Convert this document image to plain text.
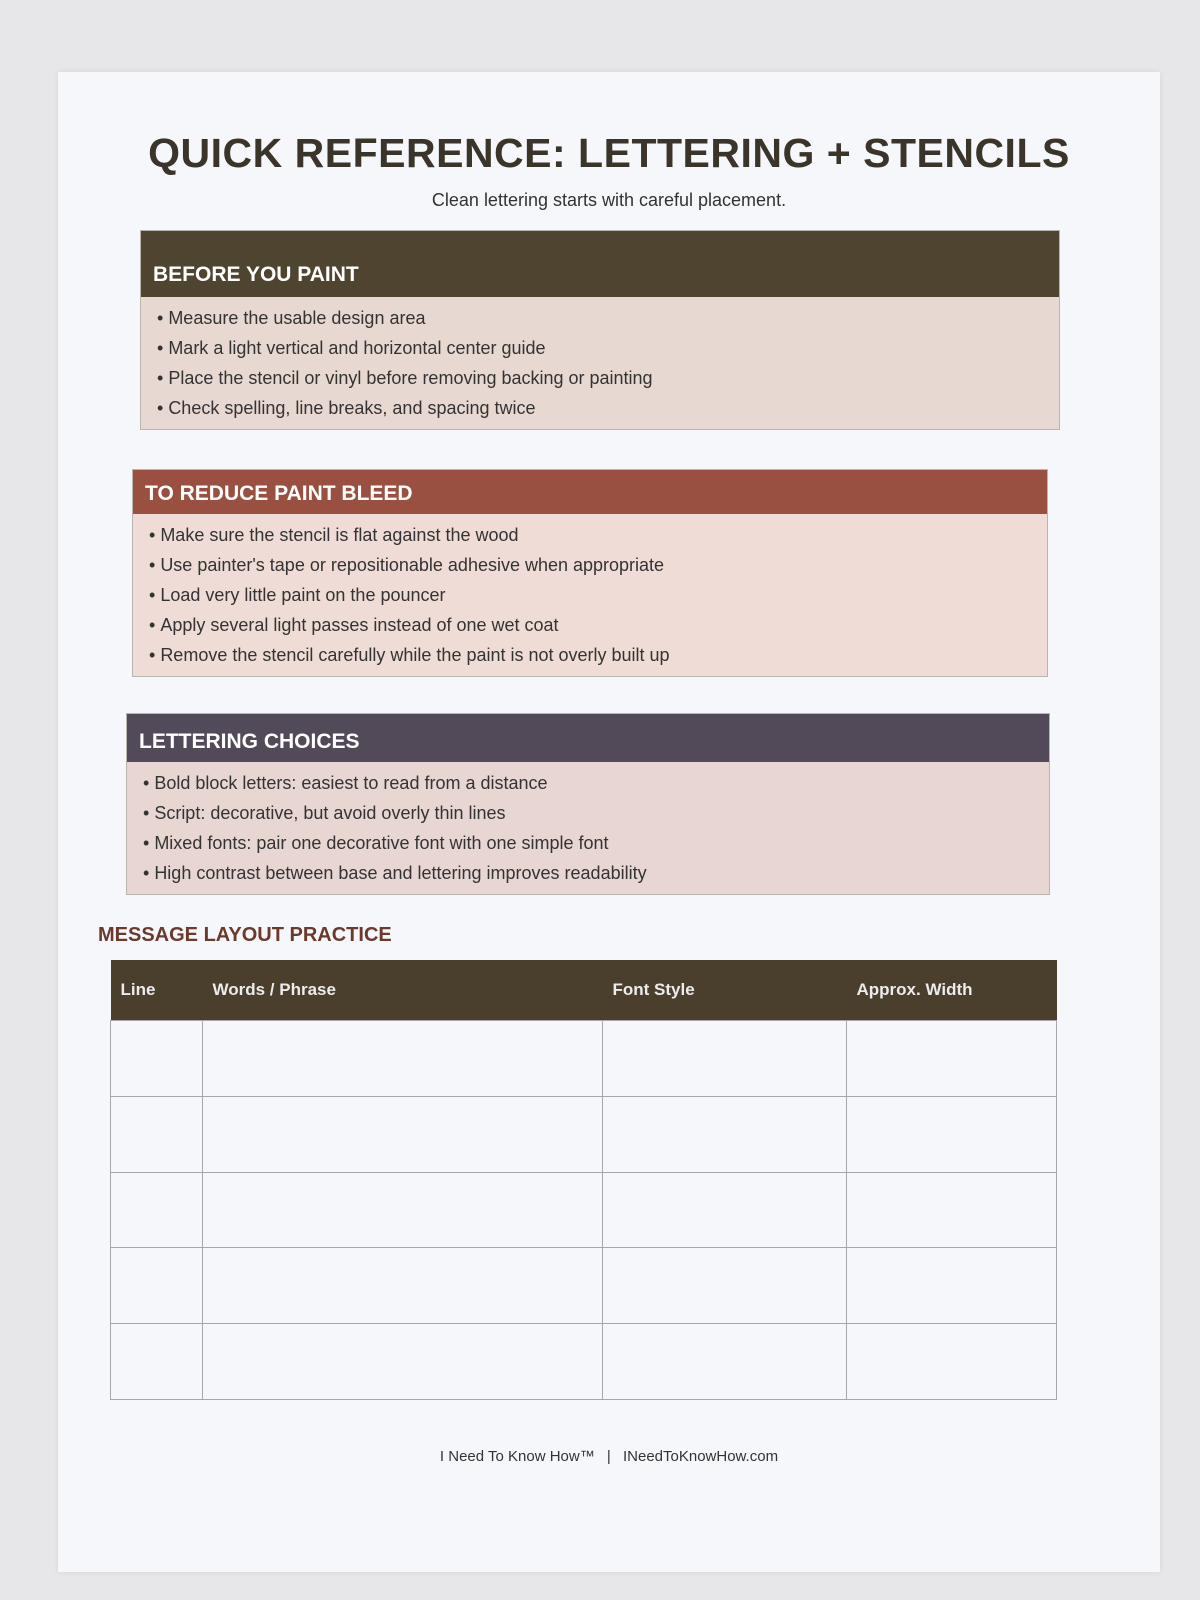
QUICK REFERENCE: LETTERING + STENCILS
Clean lettering starts with careful placement.
BEFORE YOU PAINT
• Measure the usable design area
• Mark a light vertical and horizontal center guide
• Place the stencil or vinyl before removing backing or painting
• Check spelling, line breaks, and spacing twice
TO REDUCE PAINT BLEED
• Make sure the stencil is flat against the wood
• Use painter's tape or repositionable adhesive when appropriate
• Load very little paint on the pouncer
• Apply several light passes instead of one wet coat
• Remove the stencil carefully while the paint is not overly built up
LETTERING CHOICES
• Bold block letters: easiest to read from a distance
• Script: decorative, but avoid overly thin lines
• Mixed fonts: pair one decorative font with one simple font
• High contrast between base and lettering improves readability
MESSAGE LAYOUT PRACTICE
Line	Words / Phrase	Font Style	Approx. Width

I Need To Know How™ | INeedToKnowHow.com
